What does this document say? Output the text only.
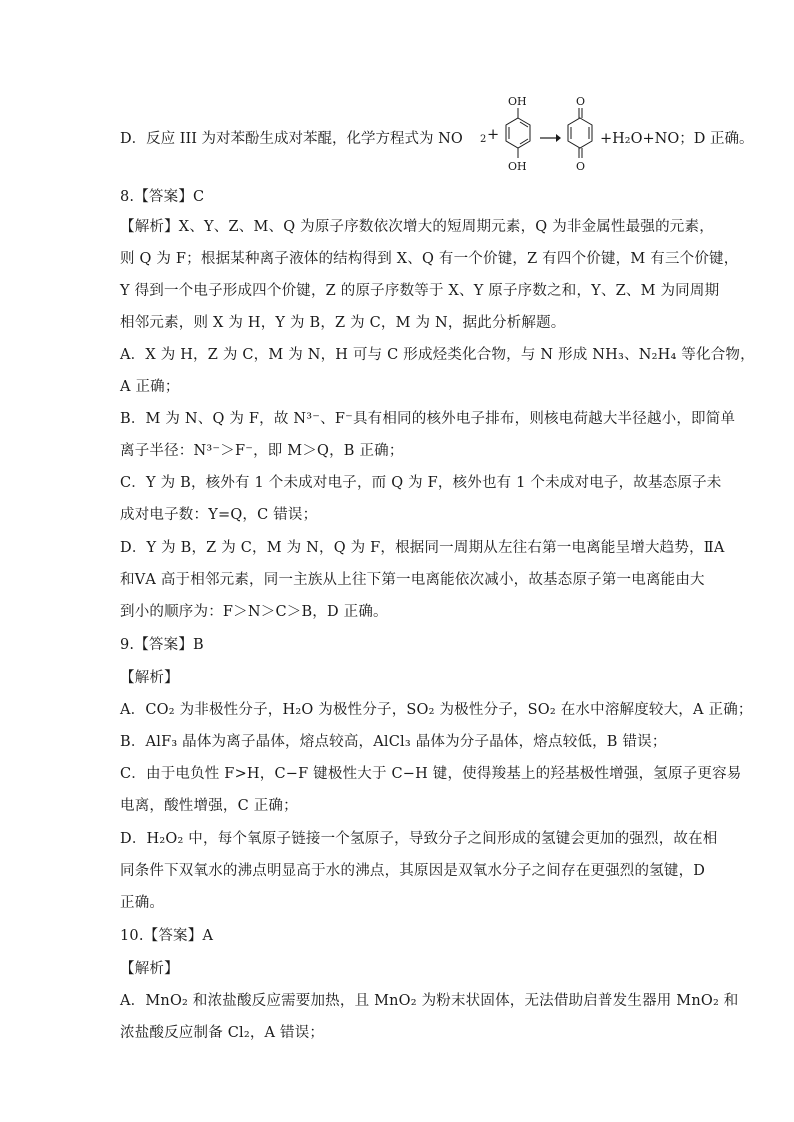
D．反应 III 为对苯酚生成对苯醌，化学方程式为 NO 2 +
OH
OH
O
O
+H₂O+NO；D 正确。
8.【答案】C
【解析】X、Y、Z、M、Q 为原子序数依次增大的短周期元素，Q 为非金属性最强的元素，
则 Q 为 F；根据某种离子液体的结构得到 X、Q 有一个价键，Z 有四个价键，M 有三个价键，
Y 得到一个电子形成四个价键，Z 的原子序数等于 X、Y 原子序数之和，Y、Z、M 为同周期
相邻元素，则 X 为 H，Y 为 B，Z 为 C，M 为 N，据此分析解题。
A．X 为 H，Z 为 C，M 为 N，H 可与 C 形成烃类化合物，与 N 形成 NH₃、N₂H₄ 等化合物，
A 正确；
B．M 为 N、Q 为 F，故 N³⁻、F⁻具有相同的核外电子排布，则核电荷越大半径越小，即简单
离子半径：N³⁻＞F⁻，即 M＞Q，B 正确；
C．Y 为 B，核外有 1 个未成对电子，而 Q 为 F，核外也有 1 个未成对电子，故基态原子未
成对电子数：Y=Q，C 错误；
D．Y 为 B，Z 为 C，M 为 N，Q 为 F，根据同一周期从左往右第一电离能呈增大趋势，ⅡA
和ⅤA 高于相邻元素，同一主族从上往下第一电离能依次减小，故基态原子第一电离能由大
到小的顺序为：F＞N＞C＞B，D 正确。
9.【答案】B
【解析】
A．CO₂ 为非极性分子，H₂O 为极性分子，SO₂ 为极性分子，SO₂ 在水中溶解度较大，A 正确；
B．AlF₃ 晶体为离子晶体，熔点较高，AlCl₃ 晶体为分子晶体，熔点较低，B 错误；
C．由于电负性 F>H，C−F 键极性大于 C−H 键，使得羧基上的羟基极性增强，氢原子更容易
电离，酸性增强，C 正确；
D．H₂O₂ 中，每个氧原子链接一个氢原子，导致分子之间形成的氢键会更加的强烈，故在相
同条件下双氧水的沸点明显高于水的沸点，其原因是双氧水分子之间存在更强烈的氢键，D
正确。
10.【答案】A
【解析】
A．MnO₂ 和浓盐酸反应需要加热，且 MnO₂ 为粉末状固体，无法借助启普发生器用 MnO₂ 和
浓盐酸反应制备 Cl₂，A 错误；
